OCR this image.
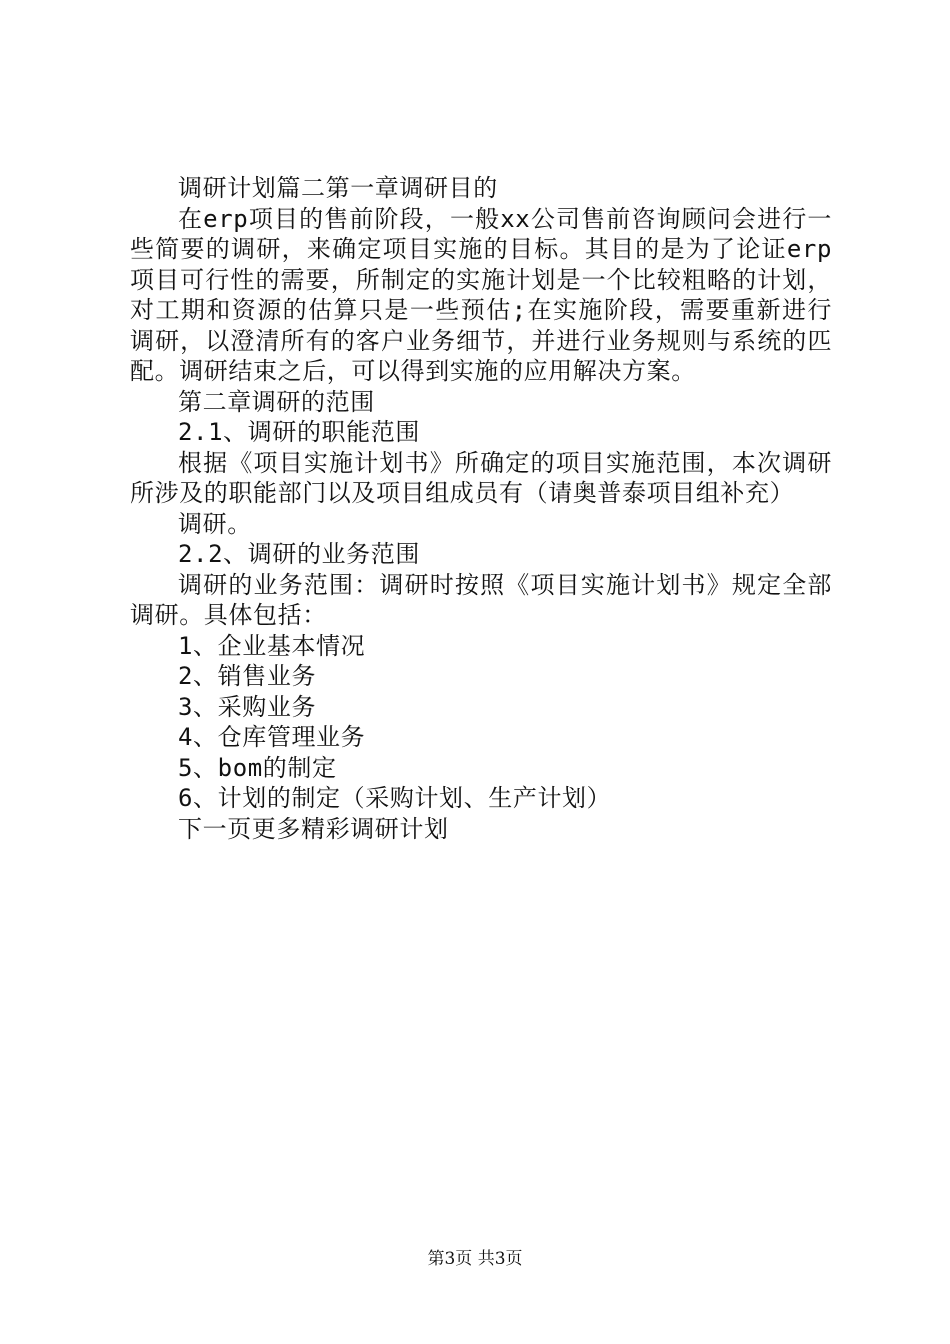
调研计划篇二第一章调研目的

在erp项目的售前阶段，一般xx公司售前咨询顾问会进行一些简要的调研，来确定项目实施的目标。其目的是为了论证erp项目可行性的需要，所制定的实施计划是一个比较粗略的计划，对工期和资源的估算只是一些预估;在实施阶段，需要重新进行调研，以澄清所有的客户业务细节，并进行业务规则与系统的匹配。调研结束之后，可以得到实施的应用解决方案。

第二章调研的范围

2.1、调研的职能范围

根据《项目实施计划书》所确定的项目实施范围，本次调研所涉及的职能部门以及项目组成员有（请奥普泰项目组补充）

调研。

2.2、调研的业务范围

调研的业务范围：调研时按照《项目实施计划书》规定全部调研。具体包括：

1、企业基本情况

2、销售业务

3、采购业务

4、仓库管理业务

5、bom的制定

6、计划的制定（采购计划、生产计划）

下一页更多精彩调研计划

第3页 共3页
